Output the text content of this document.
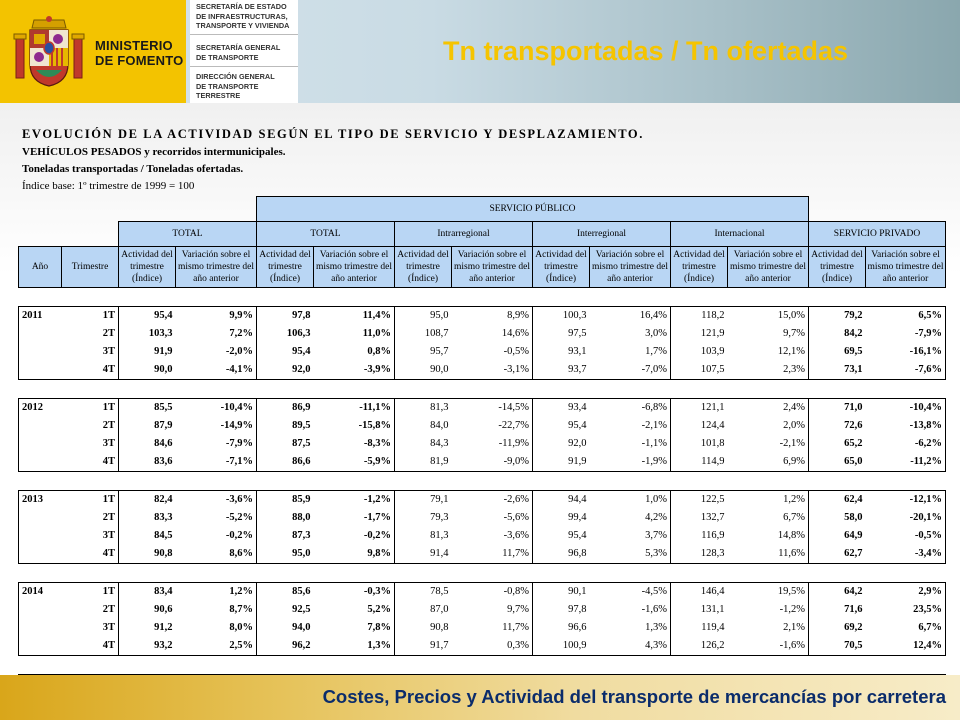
MINISTERIO
DE FOMENTO
SECRETARÍA DE ESTADO
DE INFRAESTRUCTURAS,
TRANSPORTE Y VIVIENDA
SECRETARÍA GENERAL
DE TRANSPORTE
DIRECCIÓN GENERAL
DE TRANSPORTE
TERRESTRE
Tn transportadas / Tn ofertadas
EVOLUCIÓN DE LA ACTIVIDAD SEGÚN EL TIPO DE SERVICIO Y DESPLAZAMIENTO.
VEHÍCULOS PESADOS y recorridos intermunicipales.
Toneladas transportadas / Toneladas ofertadas.
Índice base: 1º trimestre de 1999 = 100
				SERVICIO PÚBLICO									
		TOTAL		TOTAL		Intrarregional		Interregional		Internacional		SERVICIO PRIVADO	
Año	Trimestre	Actividad del trimestre (Índice)	Variación sobre el mismo trimestre del año anterior	Actividad del trimestre (Índice)	Variación sobre el mismo trimestre del año anterior	Actividad del trimestre (Índice)	Variación sobre el mismo trimestre del año anterior	Actividad del trimestre (Índice)	Variación sobre el mismo trimestre del año anterior	Actividad del trimestre (Índice)	Variación sobre el mismo trimestre del año anterior	Actividad del trimestre (Índice)	Variación sobre el mismo trimestre del año anterior

2011	1T	95,4	9,9%	97,8	11,4%	95,0	8,9%	100,3	16,4%	118,2	15,0%	79,2	6,5%
	2T	103,3	7,2%	106,3	11,0%	108,7	14,6%	97,5	3,0%	121,9	9,7%	84,2	-7,9%
	3T	91,9	-2,0%	95,4	0,8%	95,7	-0,5%	93,1	1,7%	103,9	12,1%	69,5	-16,1%
	4T	90,0	-4,1%	92,0	-3,9%	90,0	-3,1%	93,7	-7,0%	107,5	2,3%	73,1	-7,6%

2012	1T	85,5	-10,4%	86,9	-11,1%	81,3	-14,5%	93,4	-6,8%	121,1	2,4%	71,0	-10,4%
	2T	87,9	-14,9%	89,5	-15,8%	84,0	-22,7%	95,4	-2,1%	124,4	2,0%	72,6	-13,8%
	3T	84,6	-7,9%	87,5	-8,3%	84,3	-11,9%	92,0	-1,1%	101,8	-2,1%	65,2	-6,2%
	4T	83,6	-7,1%	86,6	-5,9%	81,9	-9,0%	91,9	-1,9%	114,9	6,9%	65,0	-11,2%

2013	1T	82,4	-3,6%	85,9	-1,2%	79,1	-2,6%	94,4	1,0%	122,5	1,2%	62,4	-12,1%
	2T	83,3	-5,2%	88,0	-1,7%	79,3	-5,6%	99,4	4,2%	132,7	6,7%	58,0	-20,1%
	3T	84,5	-0,2%	87,3	-0,2%	81,3	-3,6%	95,4	3,7%	116,9	14,8%	64,9	-0,5%
	4T	90,8	8,6%	95,0	9,8%	91,4	11,7%	96,8	5,3%	128,3	11,6%	62,7	-3,4%

2014	1T	83,4	1,2%	85,6	-0,3%	78,5	-0,8%	90,1	-4,5%	146,4	19,5%	64,2	2,9%
	2T	90,6	8,7%	92,5	5,2%	87,0	9,7%	97,8	-1,6%	131,1	-1,2%	71,6	23,5%
	3T	91,2	8,0%	94,0	7,8%	90,8	11,7%	96,6	1,3%	119,4	2,1%	69,2	6,7%
	4T	93,2	2,5%	96,2	1,3%	91,7	0,3%	100,9	4,3%	126,2	-1,6%	70,5	12,4%

Costes, Precios y Actividad del transporte de mercancías por carretera
